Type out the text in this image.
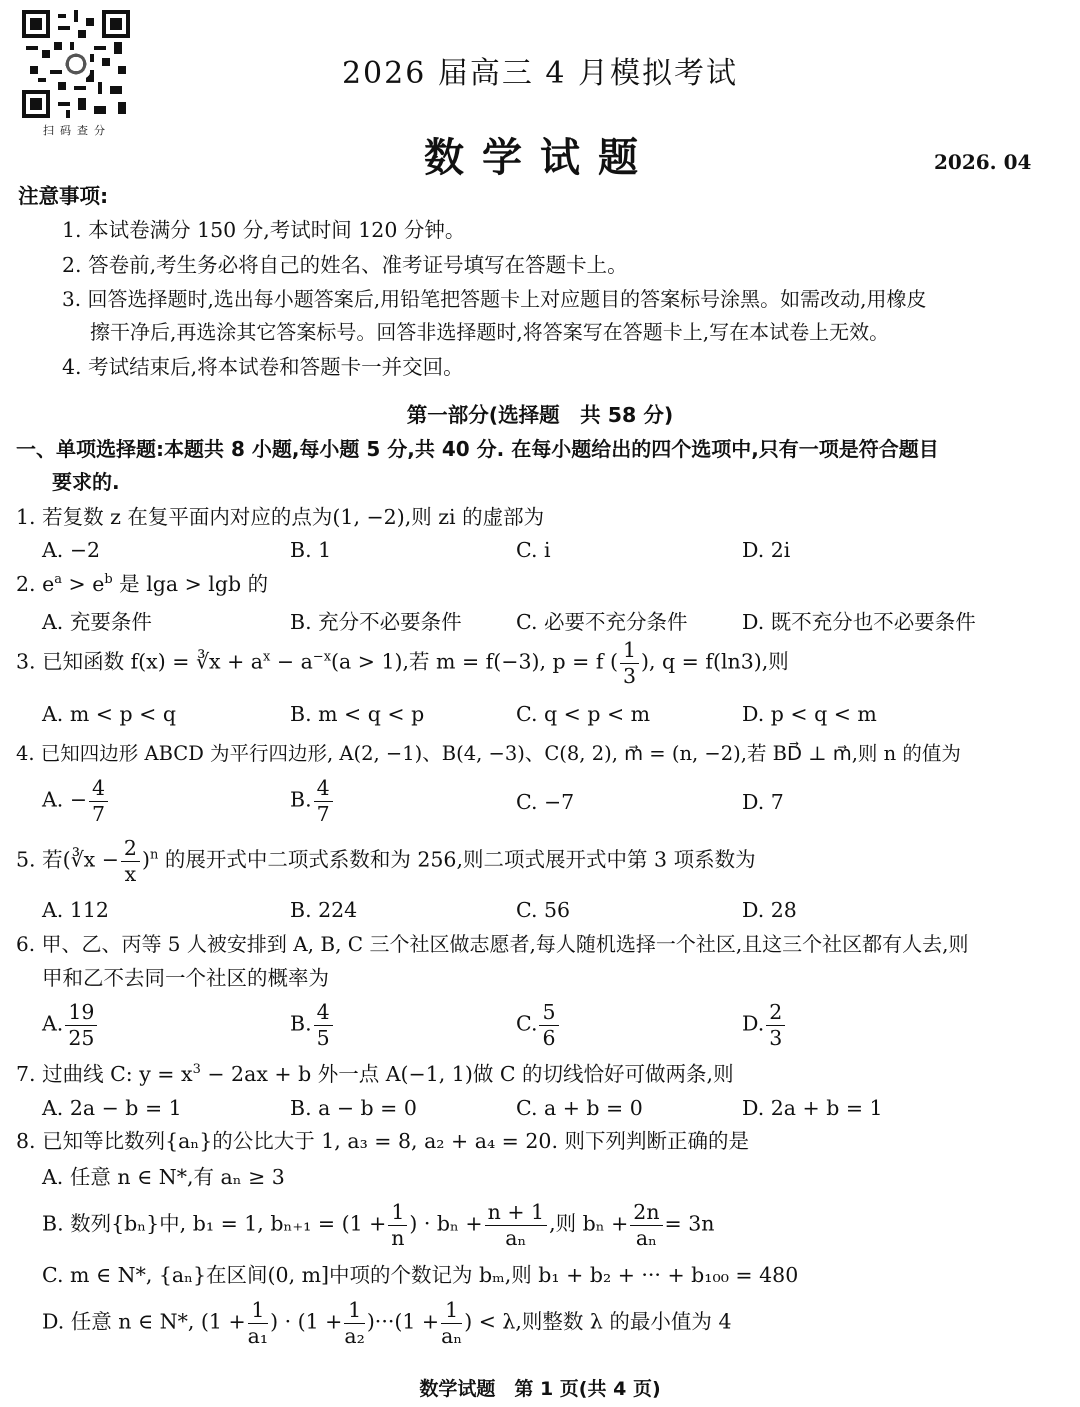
扫码查分
2026 届高三 4 月模拟考试
数学试题	2026. 04
注意事项:
1. 本试卷满分 150 分,考试时间 120 分钟。
2. 答卷前,考生务必将自己的姓名、准考证号填写在答题卡上。
3. 回答选择题时,选出每小题答案后,用铅笔把答题卡上对应题目的答案标号涂黑。如需改动,用橡皮
擦干净后,再选涂其它答案标号。回答非选择题时,将答案写在答题卡上,写在本试卷上无效。
4. 考试结束后,将本试卷和答题卡一并交回。
第一部分(选择题　共 58 分)
一、单项选择题:本题共 8 小题,每小题 5 分,共 40 分. 在每小题给出的四个选项中,只有一项是符合题目
要求的.
1. 若复数 z 在复平面内对应的点为(1, −2),则 zi 的虚部为
A. −2	B. 1	C. i	D. 2i
2. $e^a > e^b$ 是 lga > lgb 的
A. 充要条件	B. 充分不必要条件	C. 必要不充分条件	D. 既不充分也不必要条件
3. 已知函数 f(x) = ∛x + $a^x - a^{-x}(a > 1)$,若 m = f(−3), p = f ( $\frac{1}{3}$ ), q = f(ln3),则
A. m < p < q	B. m < q < p	C. q < p < m	D. p < q < m
4. 已知四边形 ABCD 为平行四边形, A(2, −1)、B(4, −3)、C(8, 2), m⃗ = (n, −2),若 BD⃗ ⊥ m⃗,则 n 的值为
A. − $\frac{4}{7}$	B. $\frac{4}{7}$	C. −7	D. 7
5. 若(∛x − $\frac{2}{x} )^n$ 的展开式中二项式系数和为 256,则二项式展开式中第 3 项系数为
A. 112	B. 224	C. 56	D. 28
6. 甲、乙、丙等 5 人被安排到 A, B, C 三个社区做志愿者,每人随机选择一个社区,且这三个社区都有人去,则
甲和乙不去同一个社区的概率为
A. $\frac{19}{25}$	B. $\frac{4}{5}$	C. $\frac{5}{6}$	D. $\frac{2}{3}$
7. 过曲线 C: $y = x^3 - 2ax + b$ 外一点 A(−1, 1)做 C 的切线恰好可做两条,则
A. 2a − b = 1	B. a − b = 0	C. a + b = 0	D. 2a + b = 1
8. 已知等比数列{aₙ}的公比大于 1, a₃ = 8, a₂ + a₄ = 20. 则下列判断正确的是
A. 任意 n ∈ N*,有 aₙ ≥ 3
B. 数列{bₙ}中, b₁ = 1, $b_{n+1} = (1 + \frac{1}{n}$ ) · $b_n + \frac{n + 1}{\text{aₙ}}$ ,则 $b_n + \frac{2n}{\text{aₙ}} = 3n$
C. m ∈ N*, {aₙ}在区间(0, m]中项的个数记为 bₘ,则 b₁ + b₂ + ··· + b₁₀₀ = 480
D. 任意 n ∈ N*, ($1 + \frac{1}{\text{a₁}}$ ) · $(1 + \frac{1}{\text{a₂}} )\cdot\cdot\cdot(1 + \frac{1}{\text{aₙ}}$ ) < λ,则整数 λ 的最小值为 4
数学试题　第 1 页(共 4 页)
